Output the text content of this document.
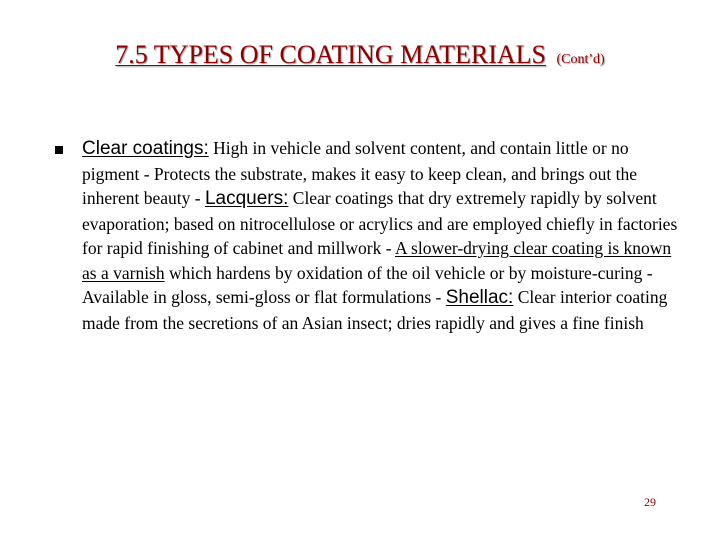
7.5 TYPES OF COATING MATERIALS (Cont’d)
Clear coatings: High in vehicle and solvent content, and contain little or no pigment - Protects the substrate, makes it easy to keep clean, and brings out the inherent beauty - Lacquers: Clear coatings that dry extremely rapidly by solvent evaporation; based on nitrocellulose or acrylics and are employed chiefly in factories for rapid finishing of cabinet and millwork - A slower-drying clear coating is known as a varnish which hardens by oxidation of the oil vehicle or by moisture-curing - Available in gloss, semi-gloss or flat formulations - Shellac: Clear interior coating made from the secretions of an Asian insect; dries rapidly and gives a fine finish
29
